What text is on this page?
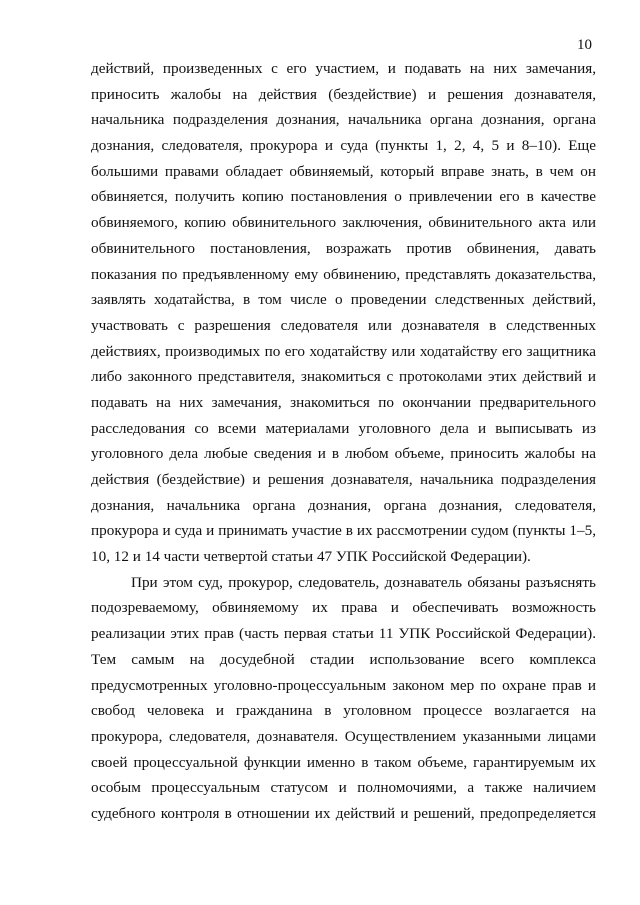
10
действий, произведенных с его участием, и подавать на них замечания,
приносить жалобы на действия (бездействие) и решения дознавателя,
начальника подразделения дознания, начальника органа дознания, органа
дознания, следователя, прокурора и суда (пункты 1, 2, 4, 5 и 8–10). Еще
большими правами обладает обвиняемый, который вправе знать, в чем он
обвиняется, получить копию постановления о привлечении его в качестве
обвиняемого, копию обвинительного заключения, обвинительного акта или
обвинительного постановления, возражать против обвинения, давать
показания по предъявленному ему обвинению, представлять доказательства,
заявлять ходатайства, в том числе о проведении следственных действий,
участвовать с разрешения следователя или дознавателя в следственных
действиях, производимых по его ходатайству или ходатайству его защитника
либо законного представителя, знакомиться с протоколами этих действий и
подавать на них замечания, знакомиться по окончании предварительного
расследования со всеми материалами уголовного дела и выписывать из
уголовного дела любые сведения и в любом объеме, приносить жалобы на
действия (бездействие) и решения дознавателя, начальника подразделения
дознания, начальника органа дознания, органа дознания, следователя,
прокурора и суда и принимать участие в их рассмотрении судом (пункты 1–5,
10, 12 и 14 части четвертой статьи 47 УПК Российской Федерации).
При этом суд, прокурор, следователь, дознаватель обязаны разъяснять
подозреваемому, обвиняемому их права и обеспечивать возможность
реализации этих прав (часть первая статьи 11 УПК Российской Федерации).
Тем самым на досудебной стадии использование всего комплекса
предусмотренных уголовно-процессуальным законом мер по охране прав и
свобод человека и гражданина в уголовном процессе возлагается на
прокурора, следователя, дознавателя. Осуществлением указанными лицами
своей процессуальной функции именно в таком объеме, гарантируемым их
особым процессуальным статусом и полномочиями, а также наличием
судебного контроля в отношении их действий и решений, предопределяется
